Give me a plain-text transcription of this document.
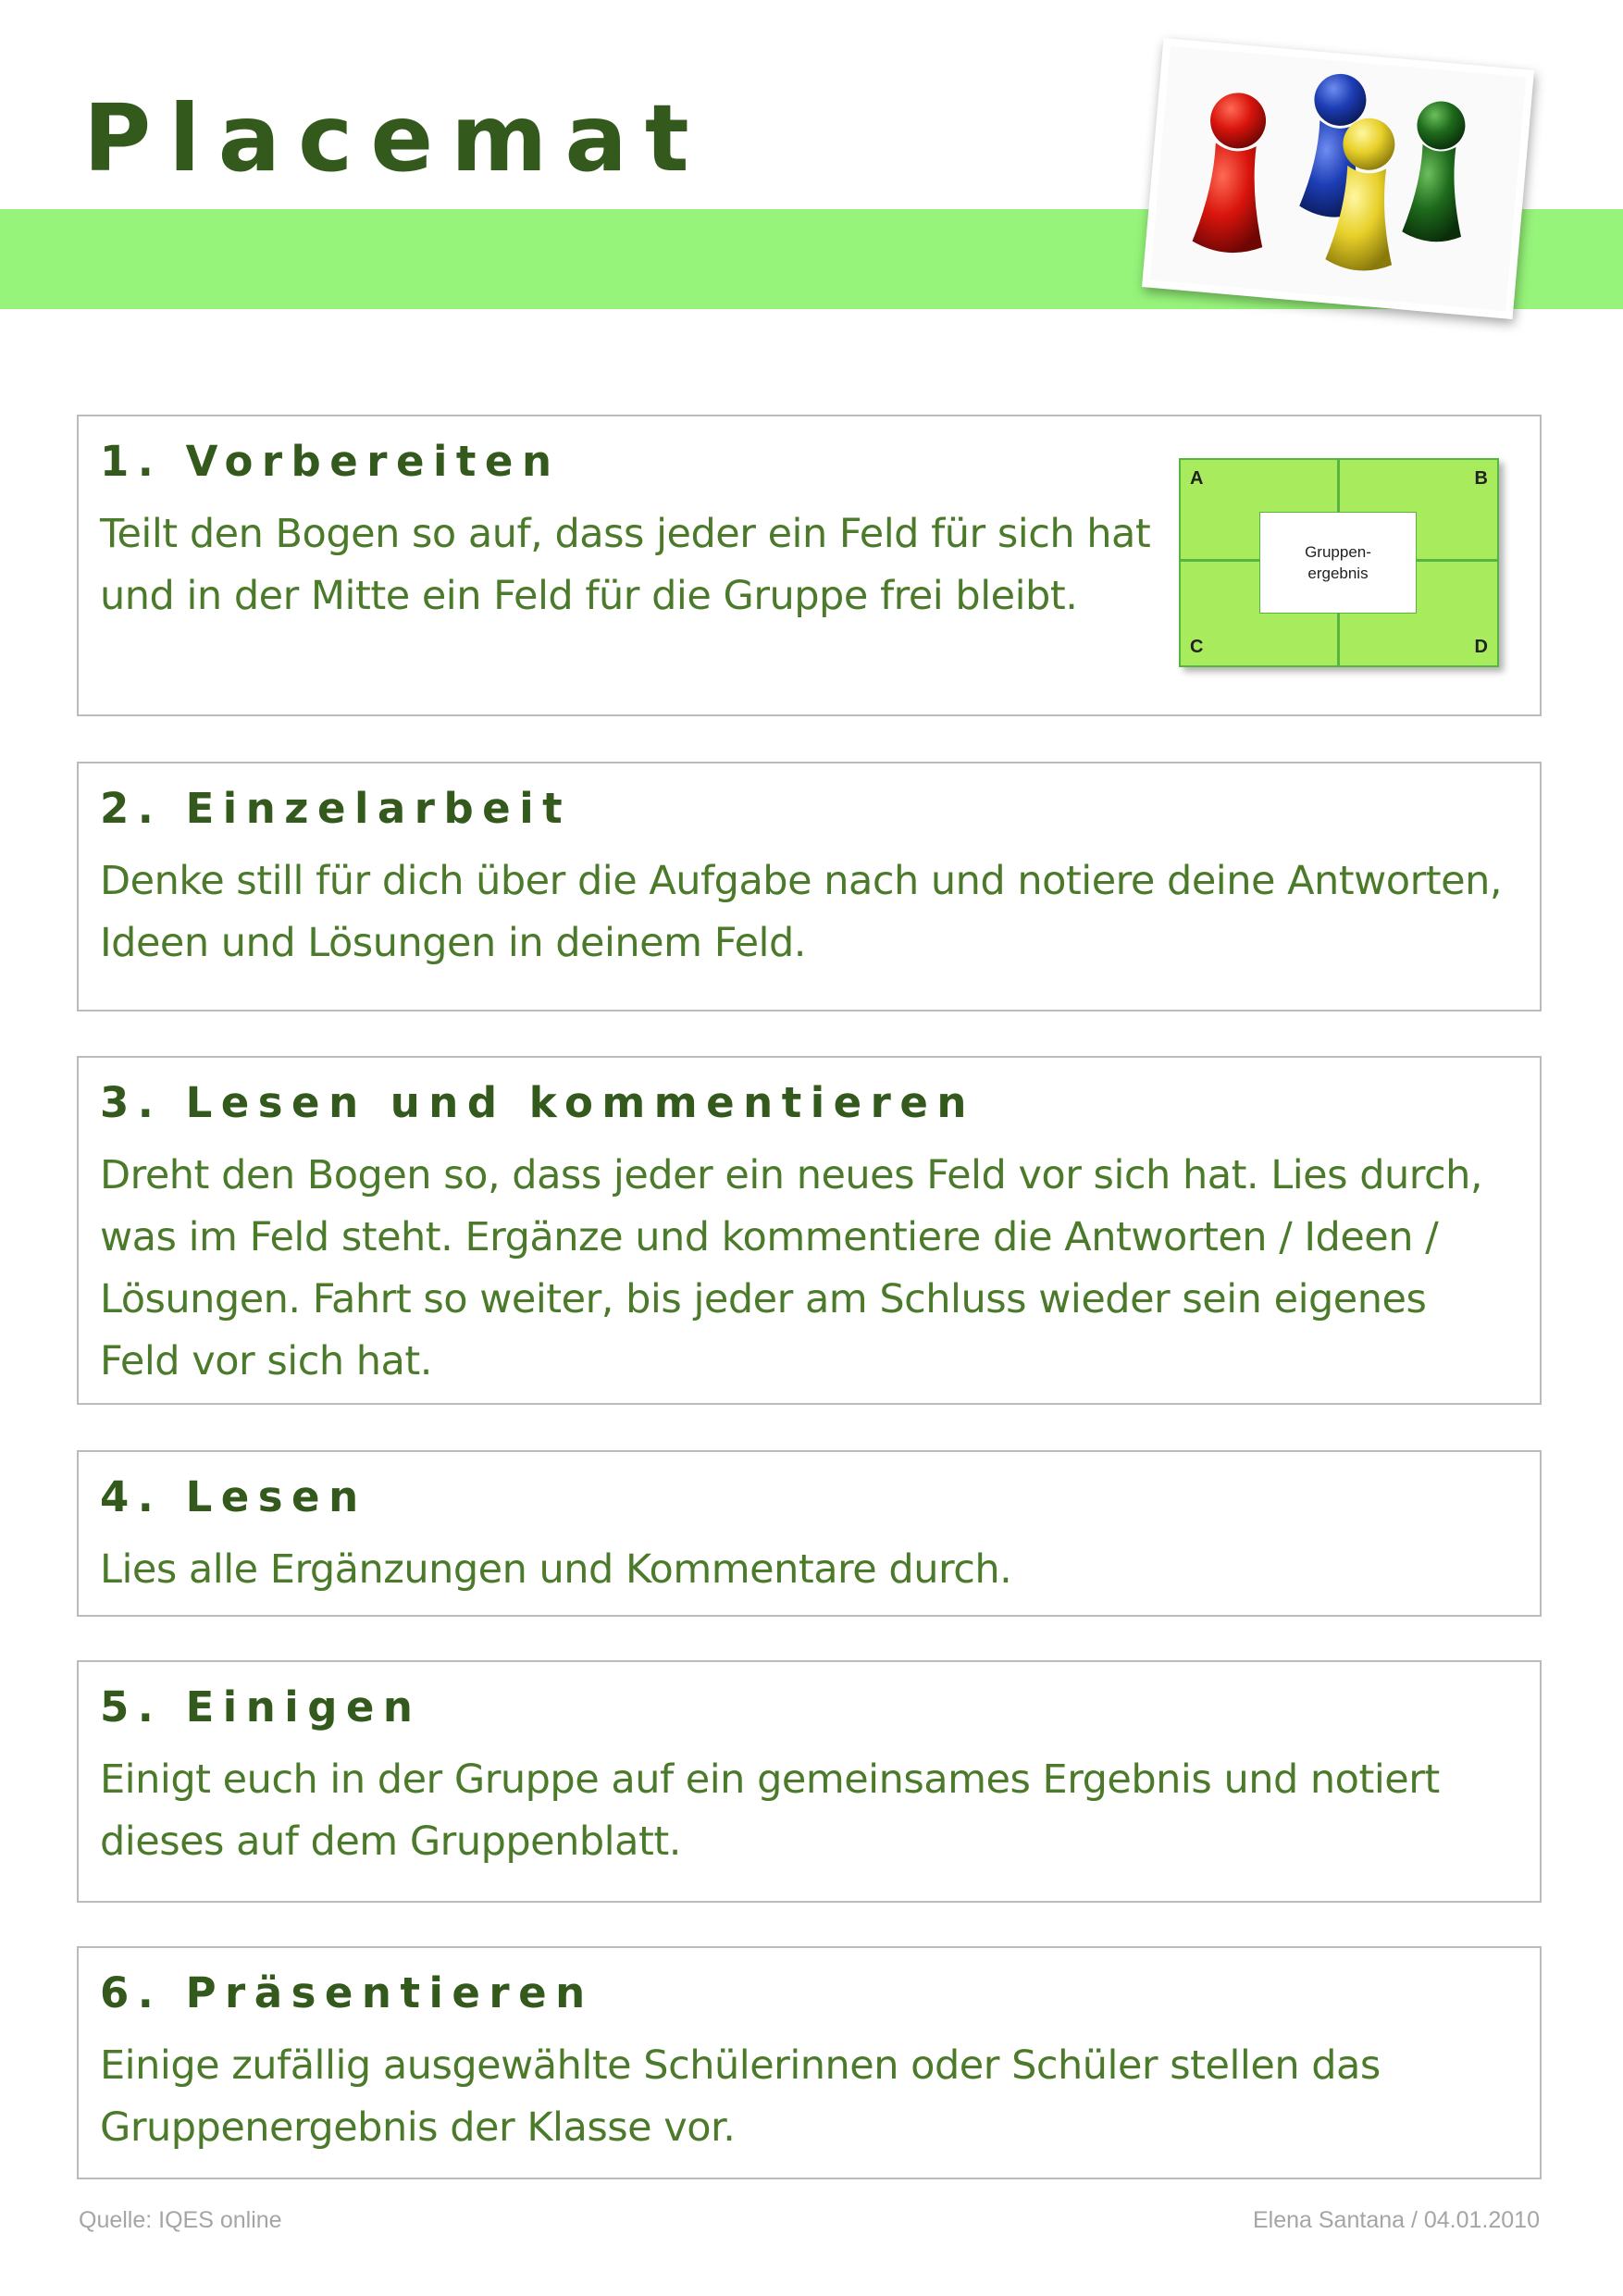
Placemat
1. Vorbereiten

Teilt den Bogen so auf, dass jeder ein Feld für sich hat und in der Mitte ein Feld für die Gruppe frei bleibt.

A	B
C	D
Gruppen-
ergebnis
2. Einzelarbeit

Denke still für dich über die Aufgabe nach und notiere deine Antworten, Ideen und Lösungen in deinem Feld.

3. Lesen und kommentieren

Dreht den Bogen so, dass jeder ein neues Feld vor sich hat. Lies durch, was im Feld steht. Ergänze und kommentiere die Antworten / Ideen / Lösungen. Fahrt so weiter, bis jeder am Schluss wieder sein eigenes Feld vor sich hat.

4. Lesen

Lies alle Ergänzungen und Kommentare durch.

5. Einigen

Einigt euch in der Gruppe auf ein gemeinsames Ergebnis und notiert dieses auf dem Gruppenblatt.

6. Präsentieren

Einige zufällig ausgewählte Schülerinnen oder Schüler stellen das Gruppenergebnis der Klasse vor.

Quelle: IQES online	Elena Santana / 04.01.2010
